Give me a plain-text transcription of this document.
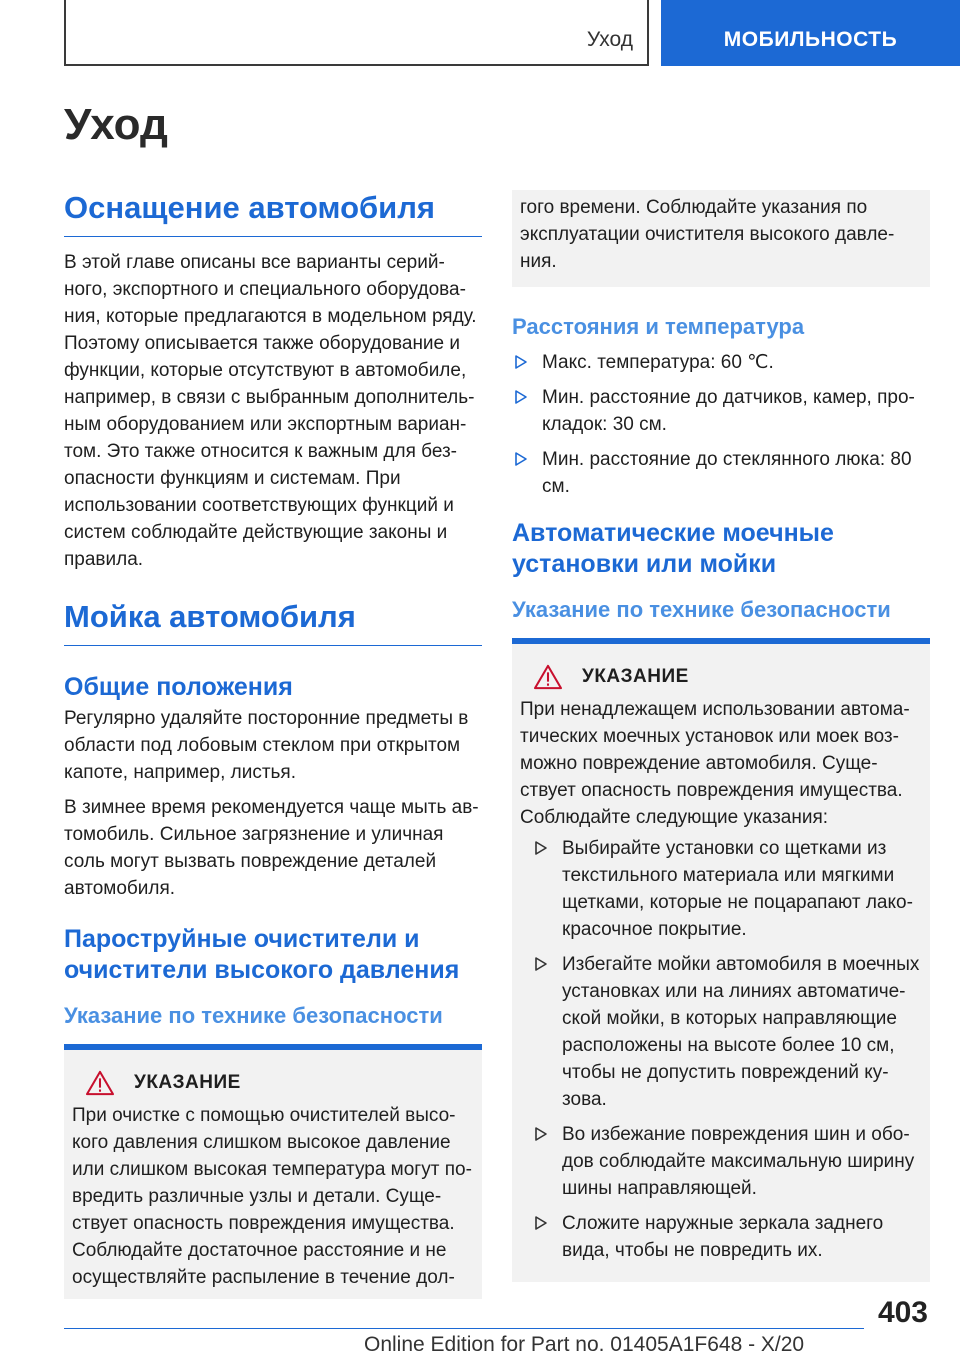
Уход	МОБИЛЬНОСТЬ
Уход
Оснащение автомобиля

В этой главе описаны все варианты серий-ного, экспортного и специального оборудова-ния, которые предлагаются в модельном ряду. Поэтому описывается также оборудование и функции, которые отсутствуют в автомобиле, например, в связи с выбранным дополнитель-ным оборудованием или экспортным вариан-том. Это также относится к важным для без-опасности функциям и системам. При использовании соответствующих функций и систем соблюдайте действующие законы и правила.

Мойка автомобиля
Общие положения

Регулярно удаляйте посторонние предметы в области под лобовым стеклом при открытом капоте, например, листья.

В зимнее время рекомендуется чаще мыть ав-томобиль. Сильное загрязнение и уличная соль могут вызвать повреждение деталей автомобиля.

Пароструйные очистители и очистители высокого давления
Указание по технике безопасности
УКАЗАНИЕ

При очистке с помощью очистителей высо-кого давления слишком высокое давление или слишком высокая температура могут по-вредить различные узлы и детали. Суще-ствует опасность повреждения имущества. Соблюдайте достаточное расстояние и не осуществляйте распыление в течение дол-

гого времени. Соблюдайте указания по эксплуатации очистителя высокого давле-ния.

Расстояния и температура
Макс. температура: 60 ℃.
Мин. расстояние до датчиков, камер, про-кладок: 30 см.
Мин. расстояние до стеклянного люка: 80 см.
Автоматические моечные установки или мойки
Указание по технике безопасности
УКАЗАНИЕ

При ненадлежащем использовании автома-тических моечных установок или моек воз-можно повреждение автомобиля. Суще-ствует опасность повреждения имущества. Соблюдайте следующие указания:

Выбирайте установки со щетками из текстильного материала или мягкими щетками, которые не поцарапают лако-красочное покрытие.
Избегайте мойки автомобиля в моечных установках или на линиях автоматиче-ской мойки, в которых направляющие расположены на высоте более 10 см, чтобы не допустить повреждений ку-зова.
Во избежание повреждения шин и обо-дов соблюдайте максимальную ширину шины направляющей.
Сложите наружные зеркала заднего вида, чтобы не повредить их.
403
Online Edition for Part no. 01405A1F648 - X/20
